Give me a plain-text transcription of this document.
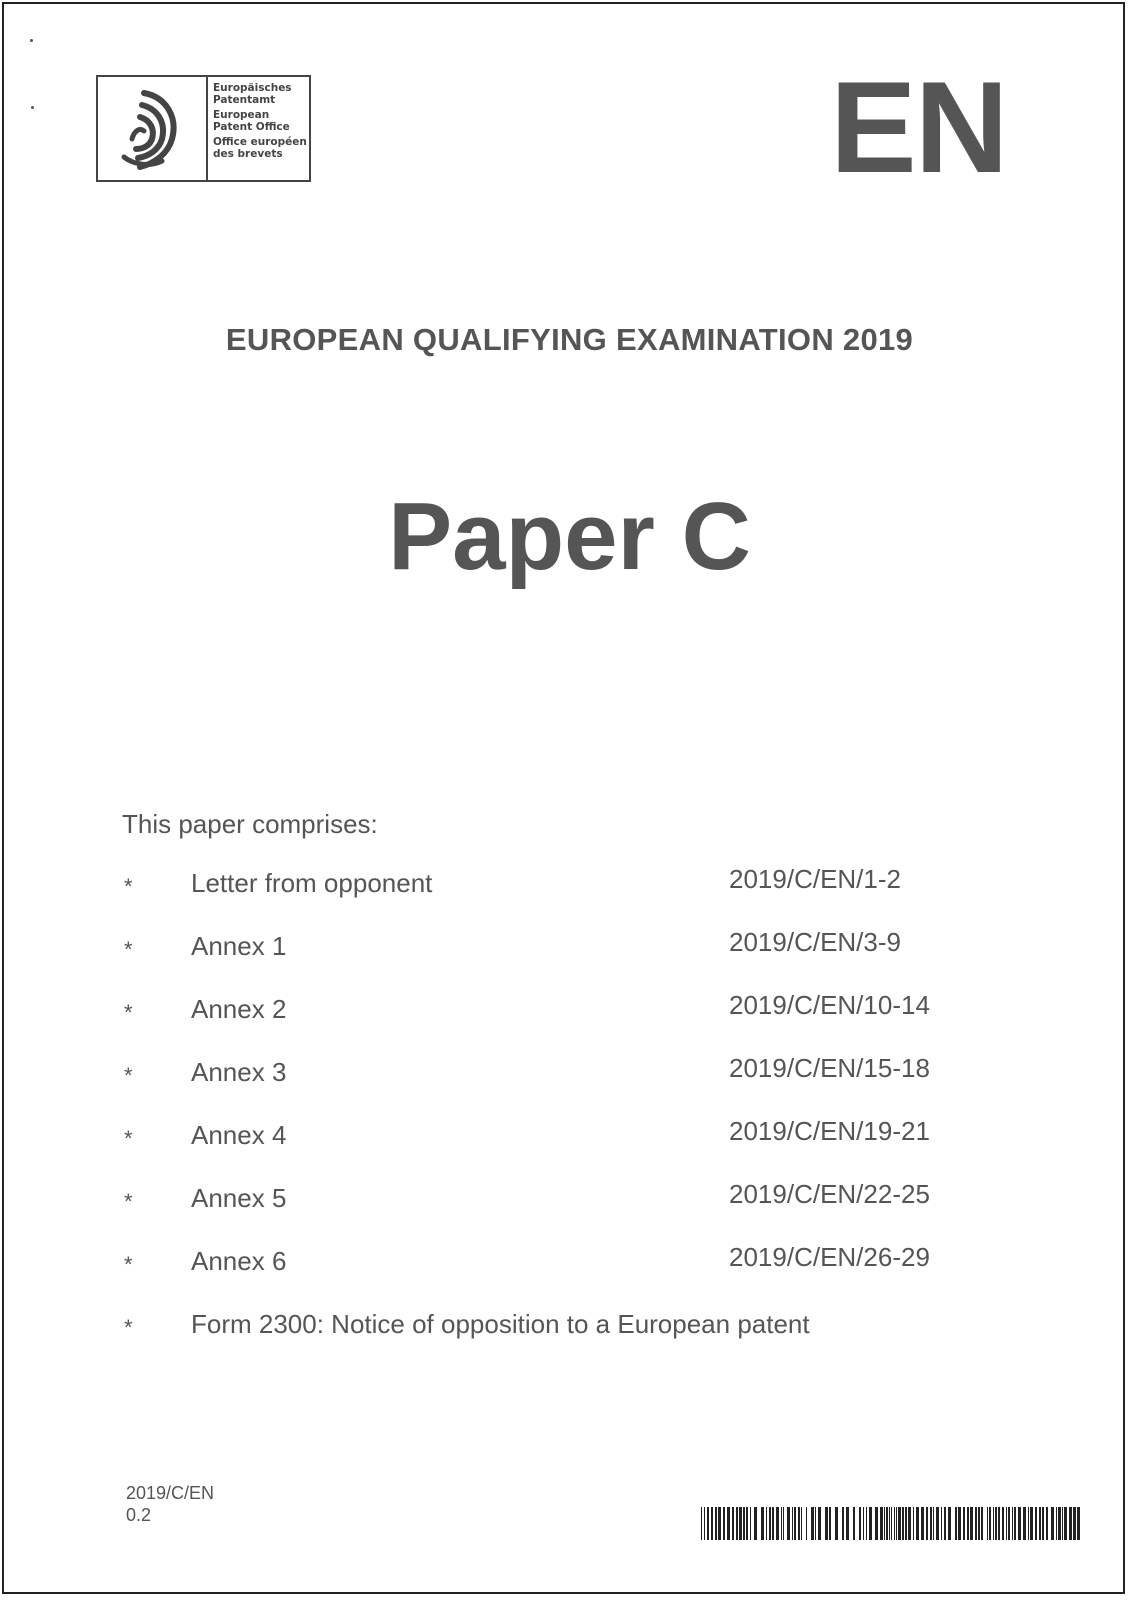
Europäisches
Patentamt
European
Patent Office
Office européen
des brevets	EN
EUROPEAN QUALIFYING EXAMINATION 2019
Paper C
This paper comprises:
* Letter from opponent	2019/C/EN/1-2
* Annex 1	2019/C/EN/3-9
* Annex 2	2019/C/EN/10-14
* Annex 3	2019/C/EN/15-18
* Annex 4	2019/C/EN/19-21
* Annex 5	2019/C/EN/22-25
* Annex 6	2019/C/EN/26-29
* Form 2300: Notice of opposition to a European patent
2019/C/EN
0.2
